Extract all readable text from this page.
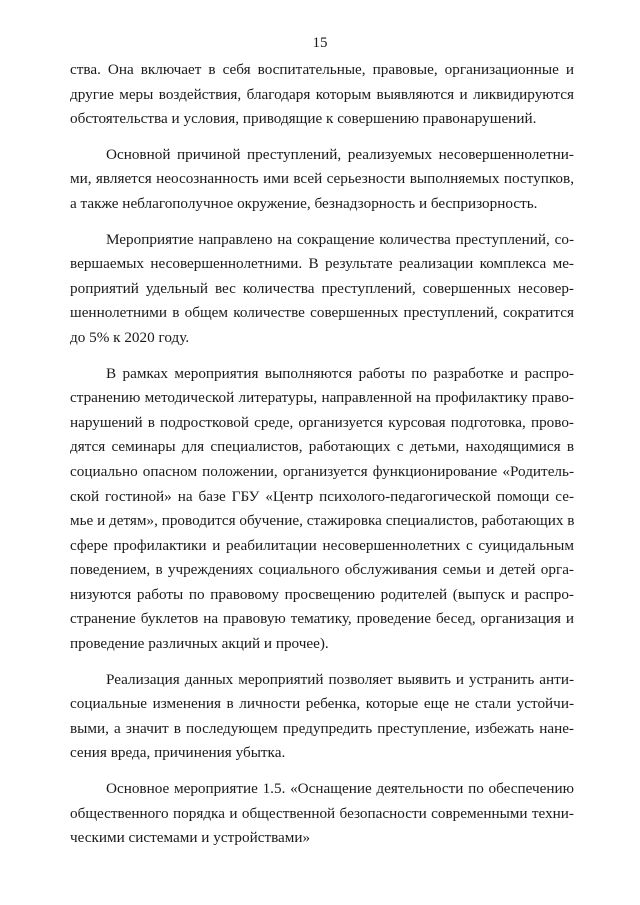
15

ства. Она включает в себя воспитательные, правовые, организационные и
другие меры воздействия, благодаря которым выявляются и ликвидируются
обстоятельства и условия, приводящие к совершению правонарушений.

Основной причиной преступлений, реализуемых несовершеннолетни-
ми, является неосознанность ими всей серьезности выполняемых поступков,
а также неблагополучное окружение, безнадзорность и беспризорность.

Мероприятие направлено на сокращение количества преступлений, со-
вершаемых несовершеннолетними. В результате реализации комплекса ме-
роприятий удельный вес количества преступлений, совершенных несовер-
шеннолетними в общем количестве совершенных преступлений, сократится
до 5% к 2020 году.

В рамках мероприятия выполняются работы по разработке и распро-
странению методической литературы, направленной на профилактику право-
нарушений в подростковой среде, организуется курсовая подготовка, прово-
дятся семинары для специалистов, работающих с детьми, находящимися в
социально опасном положении, организуется функционирование «Родитель-
ской гостиной» на базе ГБУ «Центр психолого-педагогической помощи се-
мье и детям», проводится обучение, стажировка специалистов, работающих в
сфере профилактики и реабилитации несовершеннолетних с суицидальным
поведением, в учреждениях социального обслуживания семьи и детей орга-
низуются работы по правовому просвещению родителей (выпуск и распро-
странение буклетов на правовую тематику, проведение бесед, организация и
проведение различных акций и прочее).

Реализация данных мероприятий позволяет выявить и устранить анти-
социальные изменения в личности ребенка, которые еще не стали устойчи-
выми, а значит в последующем предупредить преступление, избежать нане-
сения вреда, причинения убытка.

Основное мероприятие 1.5. «Оснащение деятельности по обеспечению
общественного порядка и общественной безопасности современными техни-
ческими системами и устройствами»
